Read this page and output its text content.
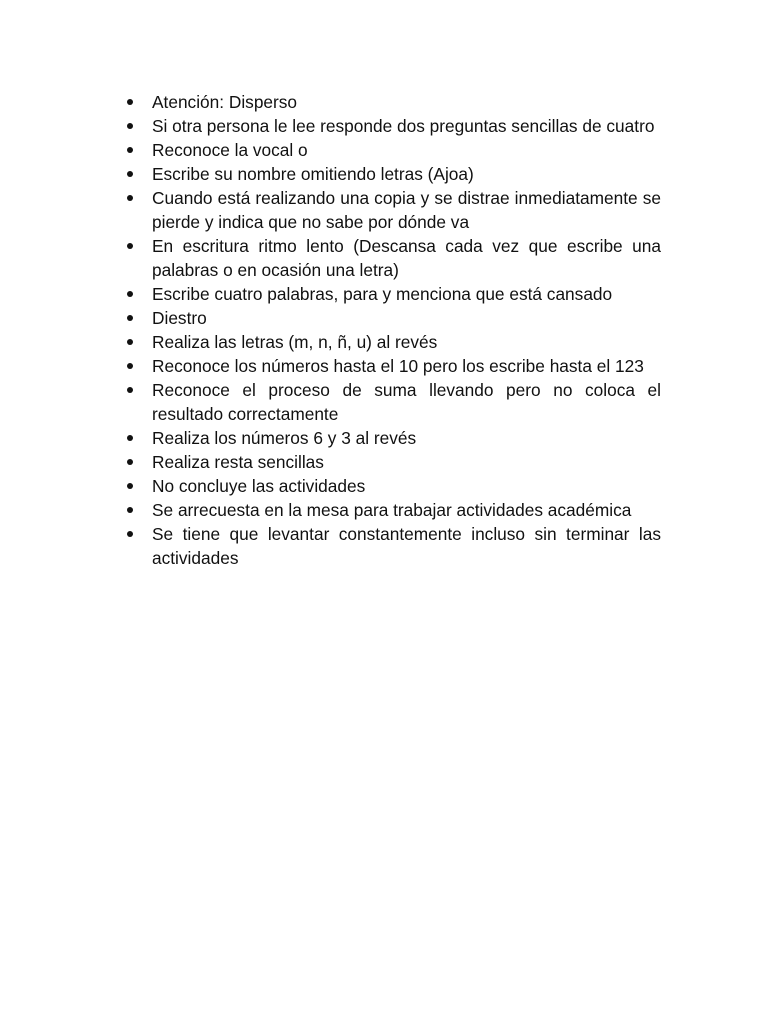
Atención: Disperso
Si otra persona le lee responde dos preguntas sencillas de cuatro
Reconoce la vocal o
Escribe su nombre omitiendo letras (Ajoa)
Cuando está realizando una copia y se distrae inmediatamente se pierde y indica que no sabe por dónde va
En escritura ritmo lento (Descansa cada vez que escribe una palabras o en ocasión una letra)
Escribe cuatro palabras, para y menciona que está cansado
Diestro
Realiza las letras (m, n, ñ, u) al revés
Reconoce los números hasta el 10 pero los escribe hasta el 123
Reconoce el proceso de suma llevando pero no coloca el resultado correctamente
Realiza los números 6 y 3 al revés
Realiza resta sencillas
No concluye las actividades
Se arrecuesta en la mesa para trabajar actividades académica
Se tiene que levantar constantemente incluso sin terminar las actividades
